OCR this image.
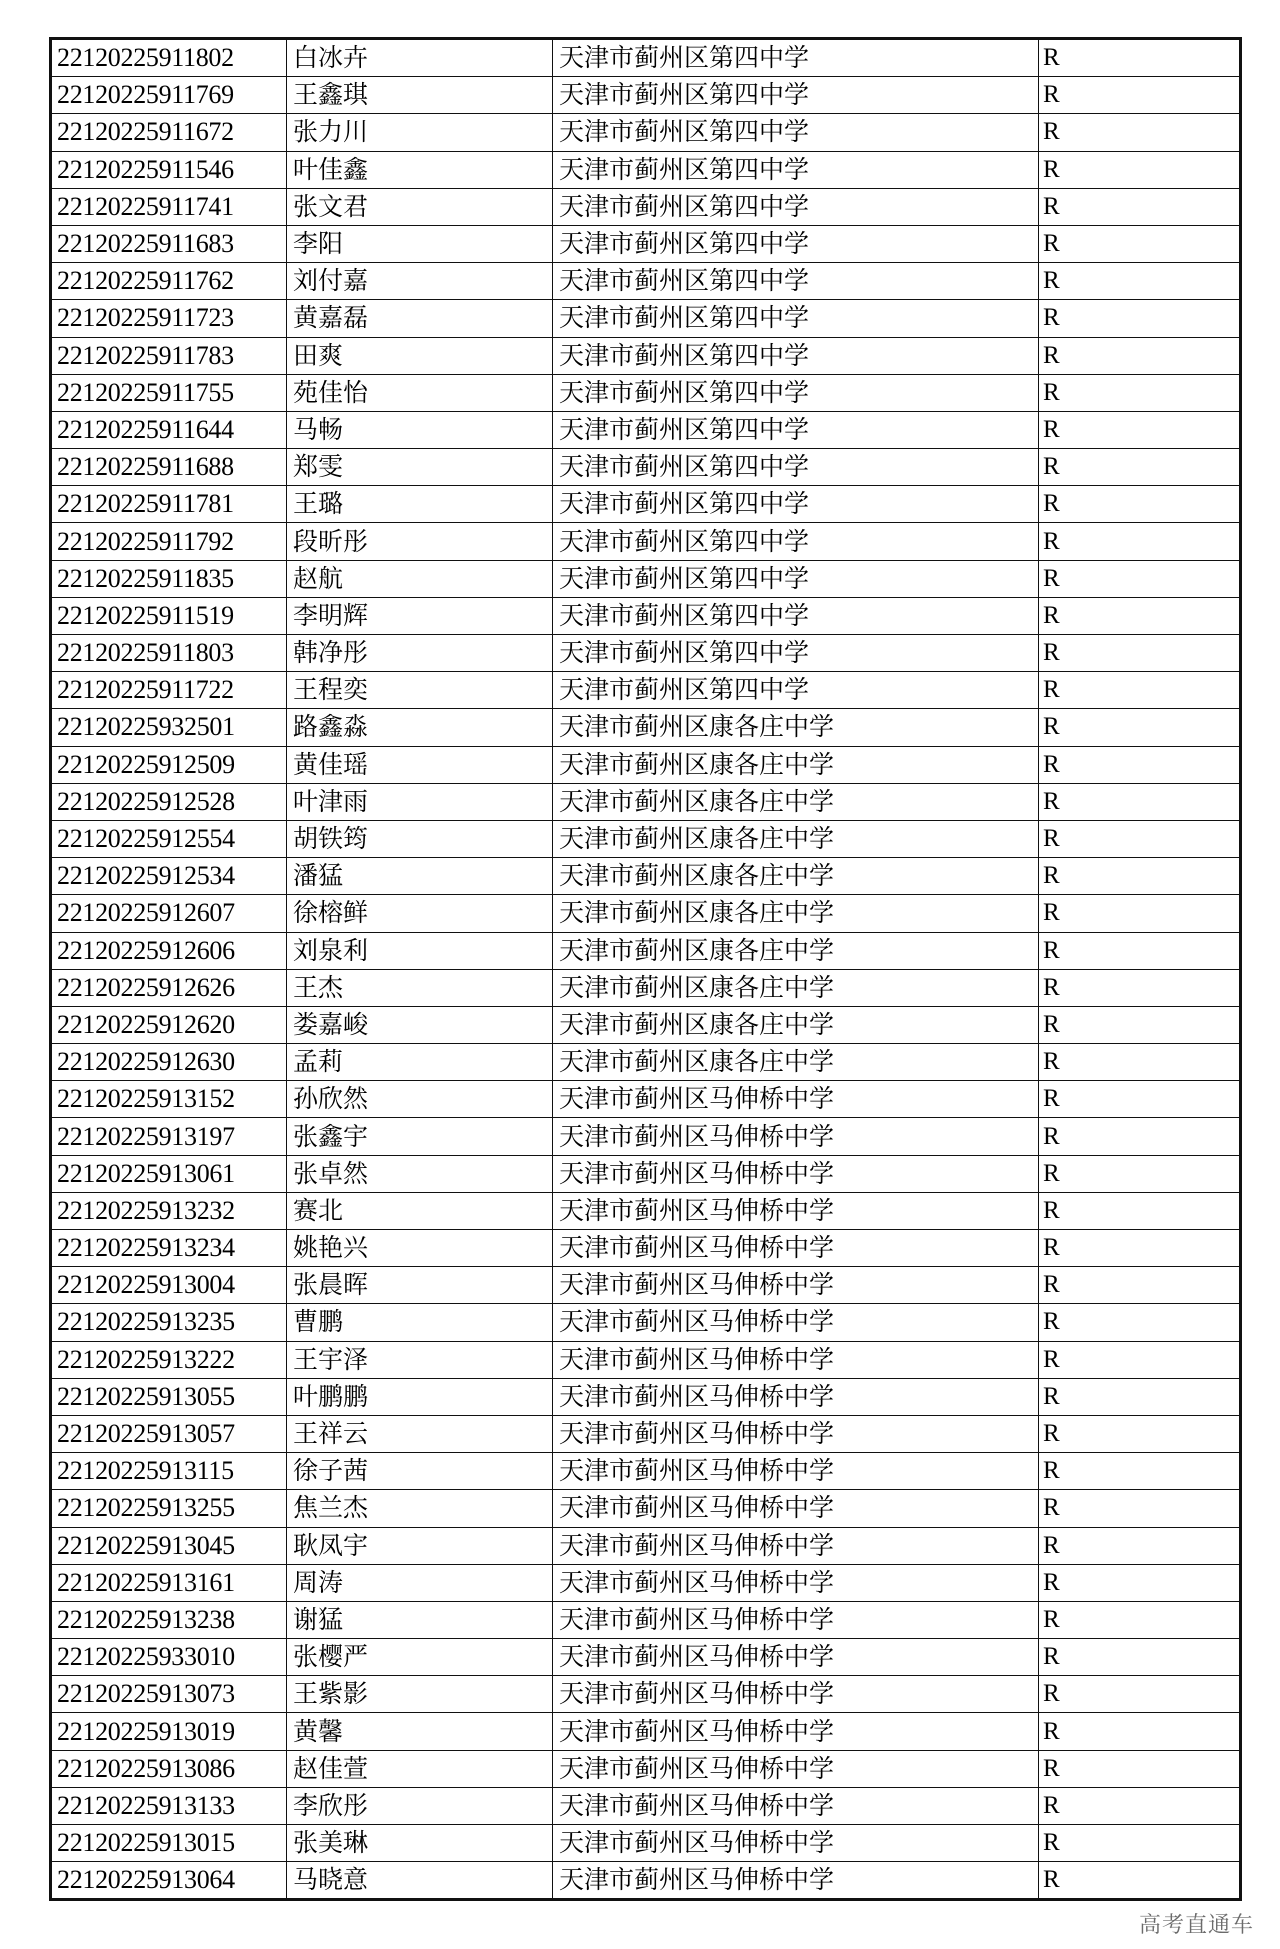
22120225911802	白冰卉	天津市蓟州区第四中学	R
22120225911769	王鑫琪	天津市蓟州区第四中学	R
22120225911672	张力川	天津市蓟州区第四中学	R
22120225911546	叶佳鑫	天津市蓟州区第四中学	R
22120225911741	张文君	天津市蓟州区第四中学	R
22120225911683	李阳	天津市蓟州区第四中学	R
22120225911762	刘付嘉	天津市蓟州区第四中学	R
22120225911723	黄嘉磊	天津市蓟州区第四中学	R
22120225911783	田爽	天津市蓟州区第四中学	R
22120225911755	苑佳怡	天津市蓟州区第四中学	R
22120225911644	马畅	天津市蓟州区第四中学	R
22120225911688	郑雯	天津市蓟州区第四中学	R
22120225911781	王璐	天津市蓟州区第四中学	R
22120225911792	段昕彤	天津市蓟州区第四中学	R
22120225911835	赵航	天津市蓟州区第四中学	R
22120225911519	李明辉	天津市蓟州区第四中学	R
22120225911803	韩净彤	天津市蓟州区第四中学	R
22120225911722	王程奕	天津市蓟州区第四中学	R
22120225932501	路鑫淼	天津市蓟州区康各庄中学	R
22120225912509	黄佳瑶	天津市蓟州区康各庄中学	R
22120225912528	叶津雨	天津市蓟州区康各庄中学	R
22120225912554	胡铁筠	天津市蓟州区康各庄中学	R
22120225912534	潘猛	天津市蓟州区康各庄中学	R
22120225912607	徐榕鲜	天津市蓟州区康各庄中学	R
22120225912606	刘泉利	天津市蓟州区康各庄中学	R
22120225912626	王杰	天津市蓟州区康各庄中学	R
22120225912620	娄嘉峻	天津市蓟州区康各庄中学	R
22120225912630	孟莉	天津市蓟州区康各庄中学	R
22120225913152	孙欣然	天津市蓟州区马伸桥中学	R
22120225913197	张鑫宇	天津市蓟州区马伸桥中学	R
22120225913061	张卓然	天津市蓟州区马伸桥中学	R
22120225913232	赛北	天津市蓟州区马伸桥中学	R
22120225913234	姚艳兴	天津市蓟州区马伸桥中学	R
22120225913004	张晨晖	天津市蓟州区马伸桥中学	R
22120225913235	曹鹏	天津市蓟州区马伸桥中学	R
22120225913222	王宇泽	天津市蓟州区马伸桥中学	R
22120225913055	叶鹏鹏	天津市蓟州区马伸桥中学	R
22120225913057	王祥云	天津市蓟州区马伸桥中学	R
22120225913115	徐子茜	天津市蓟州区马伸桥中学	R
22120225913255	焦兰杰	天津市蓟州区马伸桥中学	R
22120225913045	耿凤宇	天津市蓟州区马伸桥中学	R
22120225913161	周涛	天津市蓟州区马伸桥中学	R
22120225913238	谢猛	天津市蓟州区马伸桥中学	R
22120225933010	张樱严	天津市蓟州区马伸桥中学	R
22120225913073	王紫影	天津市蓟州区马伸桥中学	R
22120225913019	黄馨	天津市蓟州区马伸桥中学	R
22120225913086	赵佳萱	天津市蓟州区马伸桥中学	R
22120225913133	李欣彤	天津市蓟州区马伸桥中学	R
22120225913015	张美琳	天津市蓟州区马伸桥中学	R
22120225913064	马晓意	天津市蓟州区马伸桥中学	R
高考直通车
